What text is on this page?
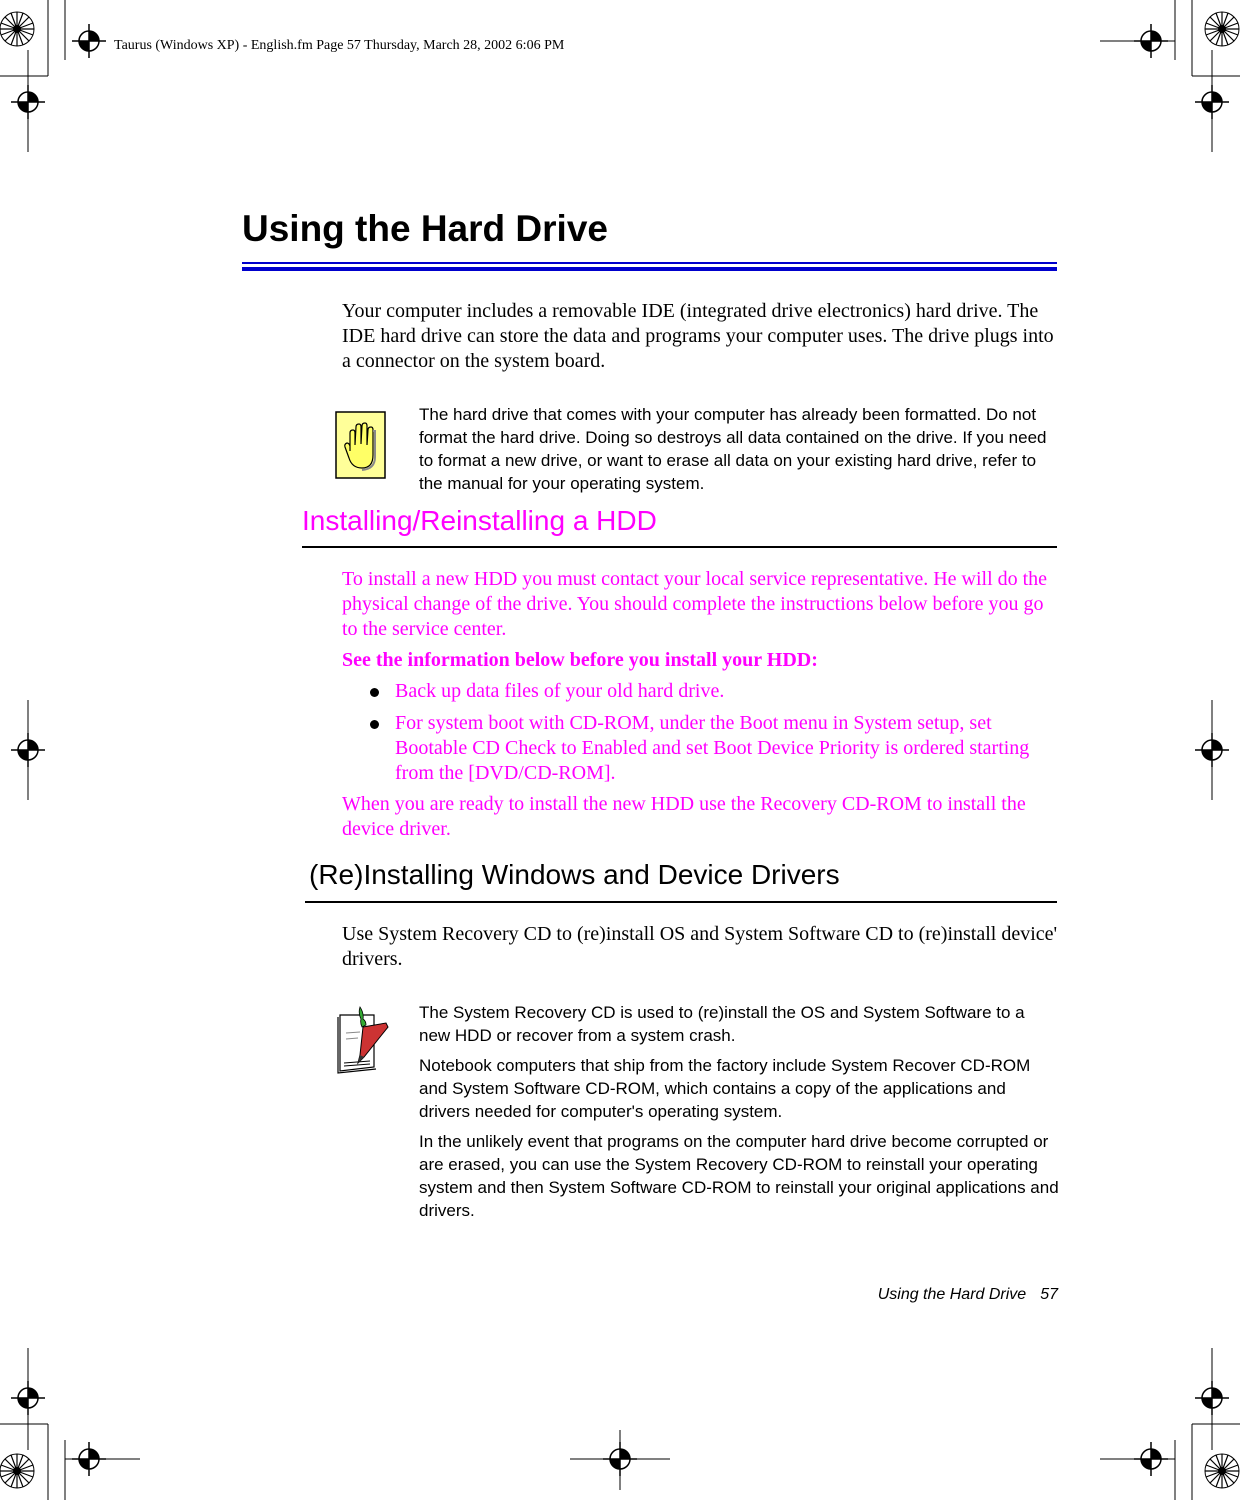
Taurus (Windows XP) - English.fm Page 57 Thursday, March 28, 2002 6:06 PM
Using the Hard Drive

Your computer includes a removable IDE (integrated drive electronics) hard drive. The IDE hard drive can store the data and programs your computer uses. The drive plugs into a connector on the system board.

The hard drive that comes with your computer has already been formatted. Do not format the hard drive. Doing so destroys all data contained on the drive. If you need to format a new drive, or want to erase all data on your existing hard drive, refer to the manual for your operating system.

Installing/Reinstalling a HDD

To install a new HDD you must contact your local service representative. He will do the physical change of the drive. You should complete the instructions below before you go to the service center.

See the information below before you install your HDD:

Back up data files of your old hard drive.

For system boot with CD-ROM, under the Boot menu in System setup, set Bootable CD Check to Enabled and set Boot Device Priority is ordered starting from the [DVD/CD-ROM].

When you are ready to install the new HDD use the Recovery CD-ROM to install the device driver.

(Re)Installing Windows and Device Drivers

Use System Recovery CD to (re)install OS and System Software CD to (re)install device' drivers.

The System Recovery CD is used to (re)install the OS and System Software to a new HDD or recover from a system crash.

Notebook computers that ship from the factory include System Recover CD-ROM and System Software CD-ROM, which contains a copy of the applications and drivers needed for computer's operating system.

In the unlikely event that programs on the computer hard drive become corrupted or are erased, you can use the System Recovery CD-ROM to reinstall your operating system and then System Software CD-ROM to reinstall your original applications and drivers.

Using the Hard Drive 57
